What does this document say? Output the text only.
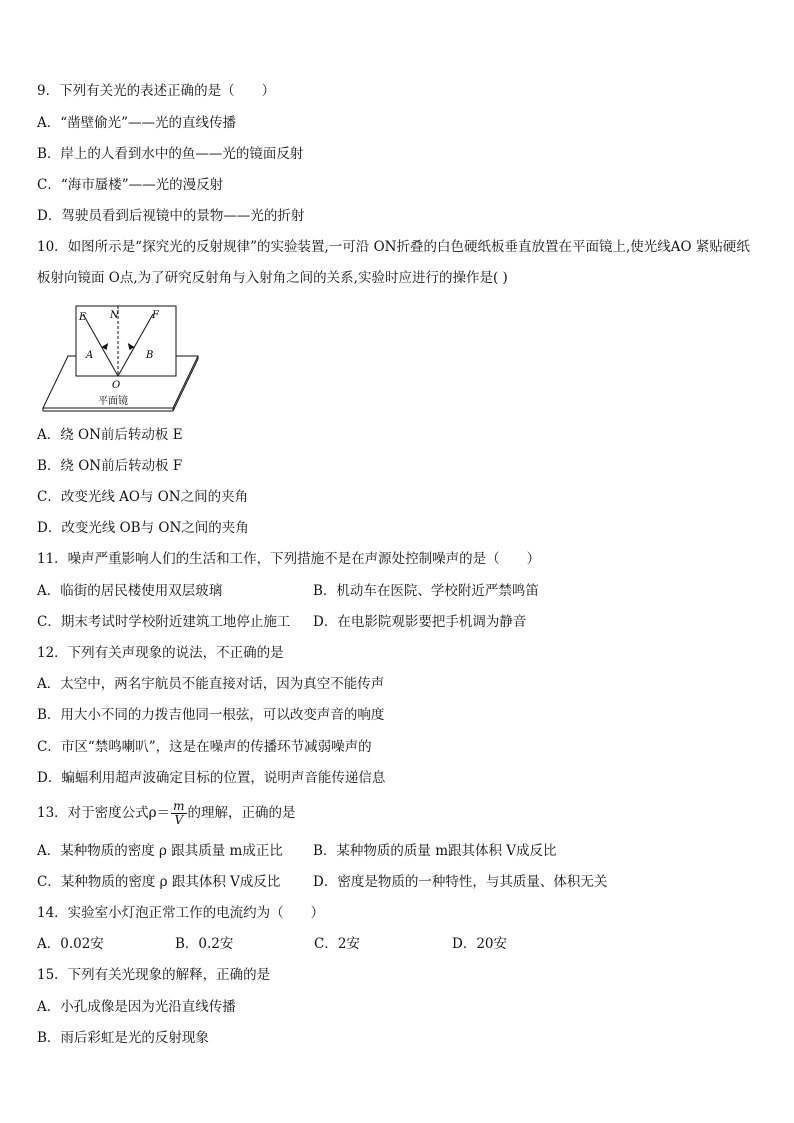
9．下列有关光的表述正确的是（　　）
A．“凿壁偷光”——光的直线传播
B．岸上的人看到水中的鱼——光的镜面反射
C．“海市蜃楼”——光的漫反射
D．驾驶员看到后视镜中的景物——光的折射
10．如图所示是“探究光的反射规律”的实验装置,一可沿 ON折叠的白色硬纸板垂直放置在平面镜上,使光线AO 紧贴硬纸板射向镜面 O点,为了研究反射角与入射角之间的关系,实验时应进行的操作是( )
E N	F
A	B
O
平面镜
A．绕 ON前后转动板 E
B．绕 ON前后转动板 F
C．改变光线 AO与 ON之间的夹角
D．改变光线 OB与 ON之间的夹角
11．噪声严重影响人们的生活和工作，下列措施不是在声源处控制噪声的是（　　）
A．临街的居民楼使用双层玻璃	B．机动车在医院、学校附近严禁鸣笛
C．期末考试时学校附近建筑工地停止施工 D．在电影院观影要把手机调为静音
12．下列有关声现象的说法，不正确的是
A．太空中，两名宇航员不能直接对话，因为真空不能传声
B．用大小不同的力拨吉他同一根弦，可以改变声音的响度
C．市区“禁鸣喇叭”，这是在噪声的传播环节减弱噪声的
D．蝙蝠利用超声波确定目标的位置，说明声音能传递信息
13．对于密度公式$\rho= \frac{m}{V}$ 的理解，正确的是
A．某种物质的密度 ρ 跟其质量 m成正比 B．某种物质的质量 m跟其体积 V成反比
C．某种物质的密度 ρ 跟其体积 V成反比 D．密度是物质的一种特性，与其质量、体积无关
14．实验室小灯泡正常工作的电流约为（　　）
A．0.02安	B．0.2安	C．2安	D．20安
15．下列有关光现象的解释，正确的是
A．小孔成像是因为光沿直线传播
B．雨后彩虹是光的反射现象
